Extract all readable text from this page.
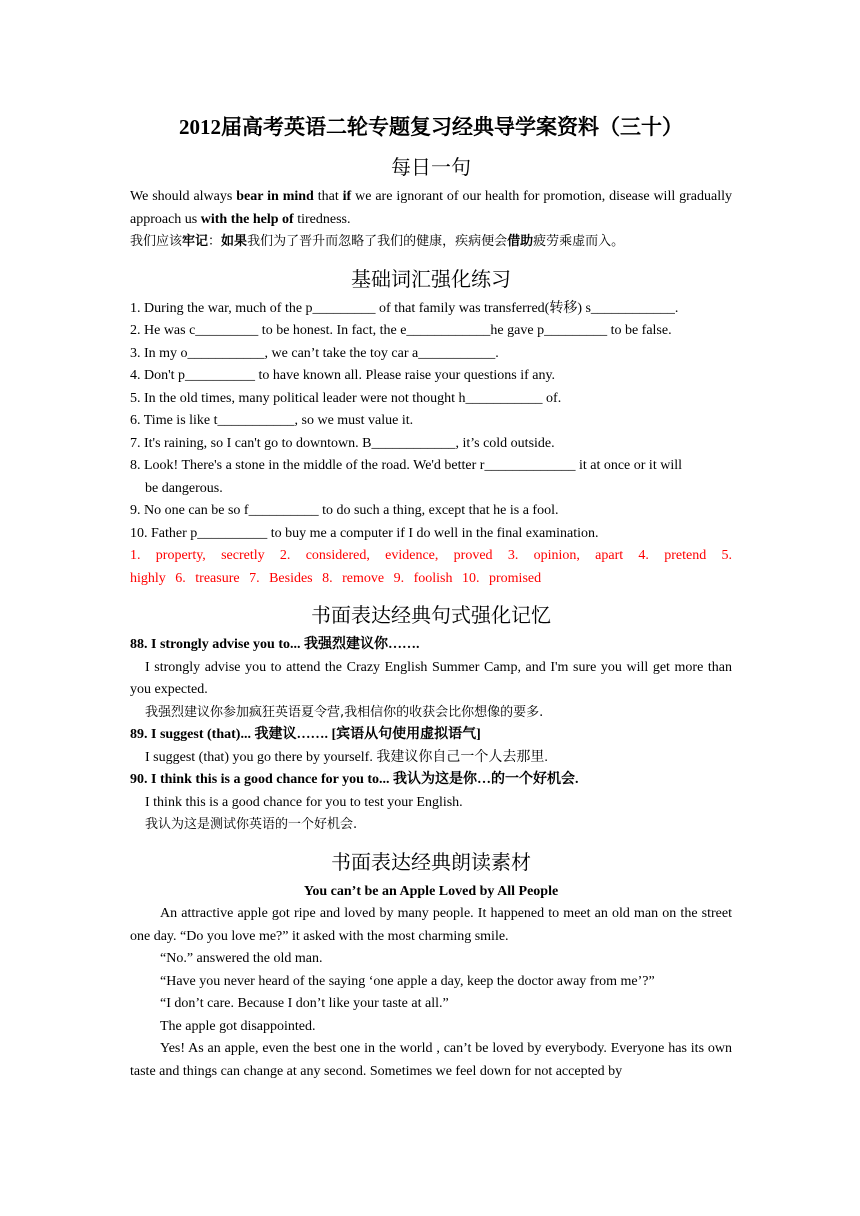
2012届高考英语二轮专题复习经典导学案资料（三十）
每日一句

We should always bear in mind that if we are ignorant of our health for promotion, disease will gradually approach us with the help of tiredness.

我们应该牢记：如果我们为了晋升而忽略了我们的健康，疾病便会借助疲劳乘虚而入。

基础词汇强化练习

1. During the war, much of the p_________ of that family was transferred(转移) s____________.

2. He was c_________ to be honest. In fact, the e____________he gave p_________ to be false.

3. In my o___________, we can’t take the toy car a___________.

4. Don't p__________ to have known all. Please raise your questions if any.

5. In the old times, many political leader were not thought h___________ of.

6. Time is like t___________, so we must value it.

7. It's raining, so I can't go to downtown. B____________, it’s cold outside.

8. Look! There's a stone in the middle of the road. We'd better r_____________ it at once or it will

be dangerous.

9. No one can be so f__________ to do such a thing, except that he is a fool.

10. Father p__________ to buy me a computer if I do well in the final examination.

1. property, secretly 2. considered, evidence, proved 3. opinion, apart 4. pretend 5.

highly 6. treasure 7. Besides 8. remove 9. foolish 10. promised

书面表达经典句式强化记忆

88. I strongly advise you to... 我强烈建议你…….

I strongly advise you to attend the Crazy English Summer Camp, and I'm sure you will get more than you expected.

我强烈建议你参加疯狂英语夏令营,我相信你的收获会比你想像的要多.

89. I suggest (that)... 我建议……. [宾语从句使用虚拟语气]

I suggest (that) you go there by yourself. 我建议你自己一个人去那里.

90. I think this is a good chance for you to... 我认为这是你…的一个好机会.

I think this is a good chance for you to test your English.

我认为这是测试你英语的一个好机会.

书面表达经典朗读素材

You can’t be an Apple Loved by All People

An attractive apple got ripe and loved by many people. It happened to meet an old man on the street one day. “Do you love me?” it asked with the most charming smile.

“No.” answered the old man.

“Have you never heard of the saying ‘one apple a day, keep the doctor away from me’?”

“I don’t care. Because I don’t like your taste at all.”

The apple got disappointed.

Yes! As an apple, even the best one in the world , can’t be loved by everybody. Everyone has its own taste and things can change at any second. Sometimes we feel down for not accepted by
